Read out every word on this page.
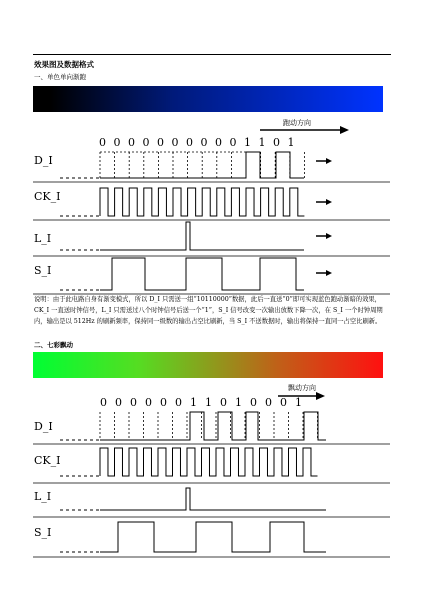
效果图及数据格式
一、单色单向渐跑
跑动方向
0 0 0 0 0 0 0 0 0 0 1 1 0 1
D_I
CK_I
L_I
S_I
说明：由于此电路自身有渐变模式，所以 D_I 只需送一组“10110000”数据，此后一直送“0”即可实现蓝色跑动渐暗的效果，CK_I 一直送时钟信号，L_I 只需送过八个时钟信号后送一个“1”，S_I 信号改变一次输出放数下降一次，在 S_I 一个时钟周期内，输出是以 512Hz 的刷新频率，保持同一级数的输出占空比刷新，当 S_I 不送数据时，输出将保持一直同一占空比刷新。
二、七彩飘动
飘动方向
0 0 0 0 0 0 1 1 0 1 0 0 0 1
D_I
CK_I
L_I
S_I
